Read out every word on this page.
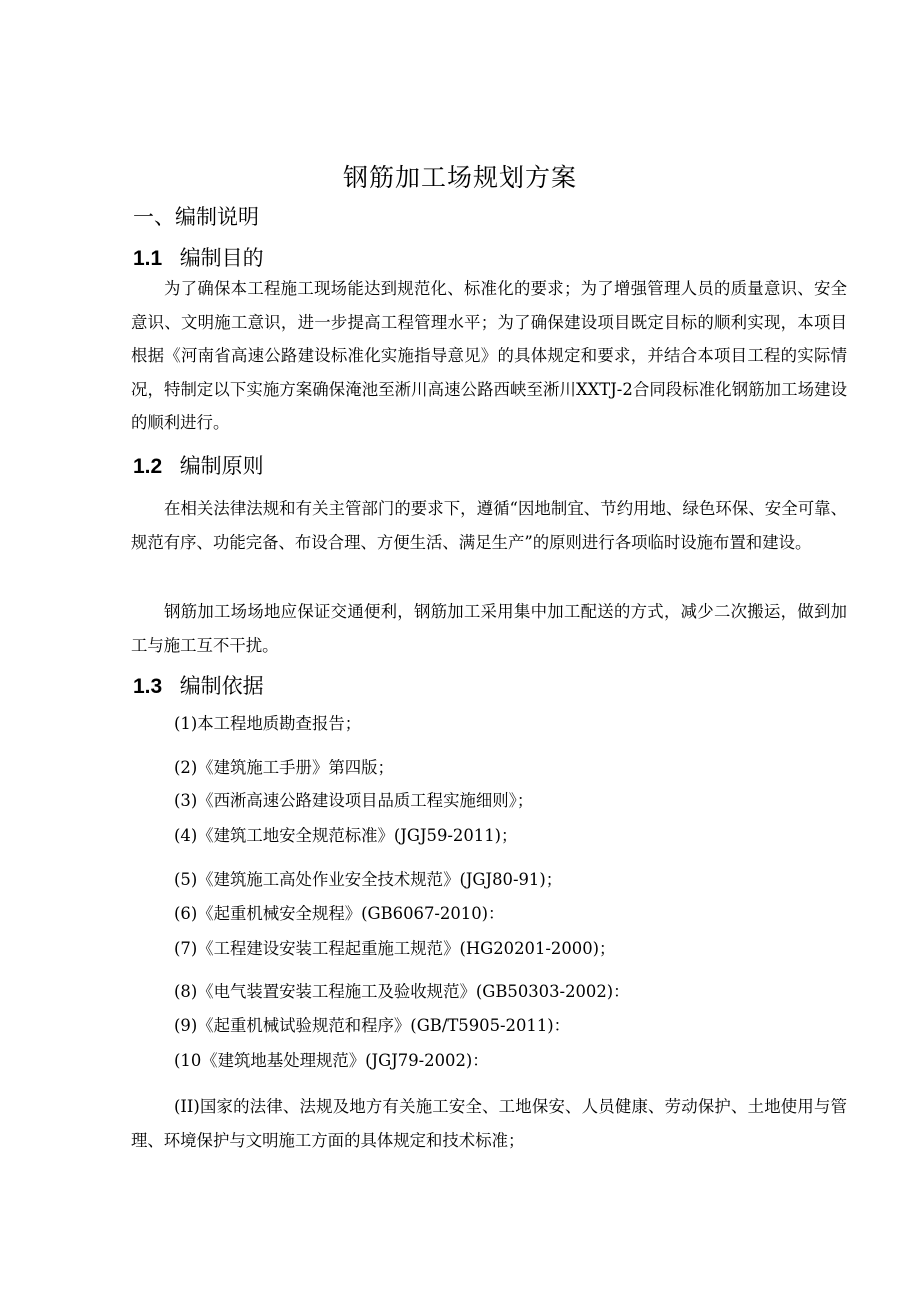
钢筋加工场规划方案
一、编制说明
1.1 编制目的
为了确保本工程施工现场能达到规范化、标准化的要求；为了增强管理人员的质量意识、安全意识、文明施工意识，进一步提高工程管理水平；为了确保建设项目既定目标的顺利实现，本项目根据《河南省高速公路建设标准化实施指导意见》的具体规定和要求，并结合本项目工程的实际情况，特制定以下实施方案确保淹池至淅川高速公路西峡至淅川XXTJ-2合同段标准化钢筋加工场建设的顺利进行。
1.2 编制原则
在相关法律法规和有关主管部门的要求下，遵循“因地制宜、节约用地、绿色环保、安全可靠、规范有序、功能完备、布设合理、方便生活、满足生产”的原则进行各项临时设施布置和建设。
钢筋加工场场地应保证交通便利，钢筋加工采用集中加工配送的方式，减少二次搬运，做到加工与施工互不干扰。
1.3 编制依据
(1)本工程地质勘查报告；
(2)《建筑施工手册》第四版；
(3)《西淅高速公路建设项目品质工程实施细则》；
(4)《建筑工地安全规范标准》(JGJ59-2011)；
(5)《建筑施工高处作业安全技术规范》(JGJ80-91)；
(6)《起重机械安全规程》(GB6067-2010)：
(7)《工程建设安装工程起重施工规范》(HG20201-2000)；
(8)《电气装置安装工程施工及验收规范》(GB50303-2002)：
(9)《起重机械试验规范和程序》(GB/T5905-2011)：
(10《建筑地基处理规范》(JGJ79-2002)：
(II)国家的法律、法规及地方有关施工安全、工地保安、人员健康、劳动保护、土地使用与管理、环境保护与文明施工方面的具体规定和技术标准；
